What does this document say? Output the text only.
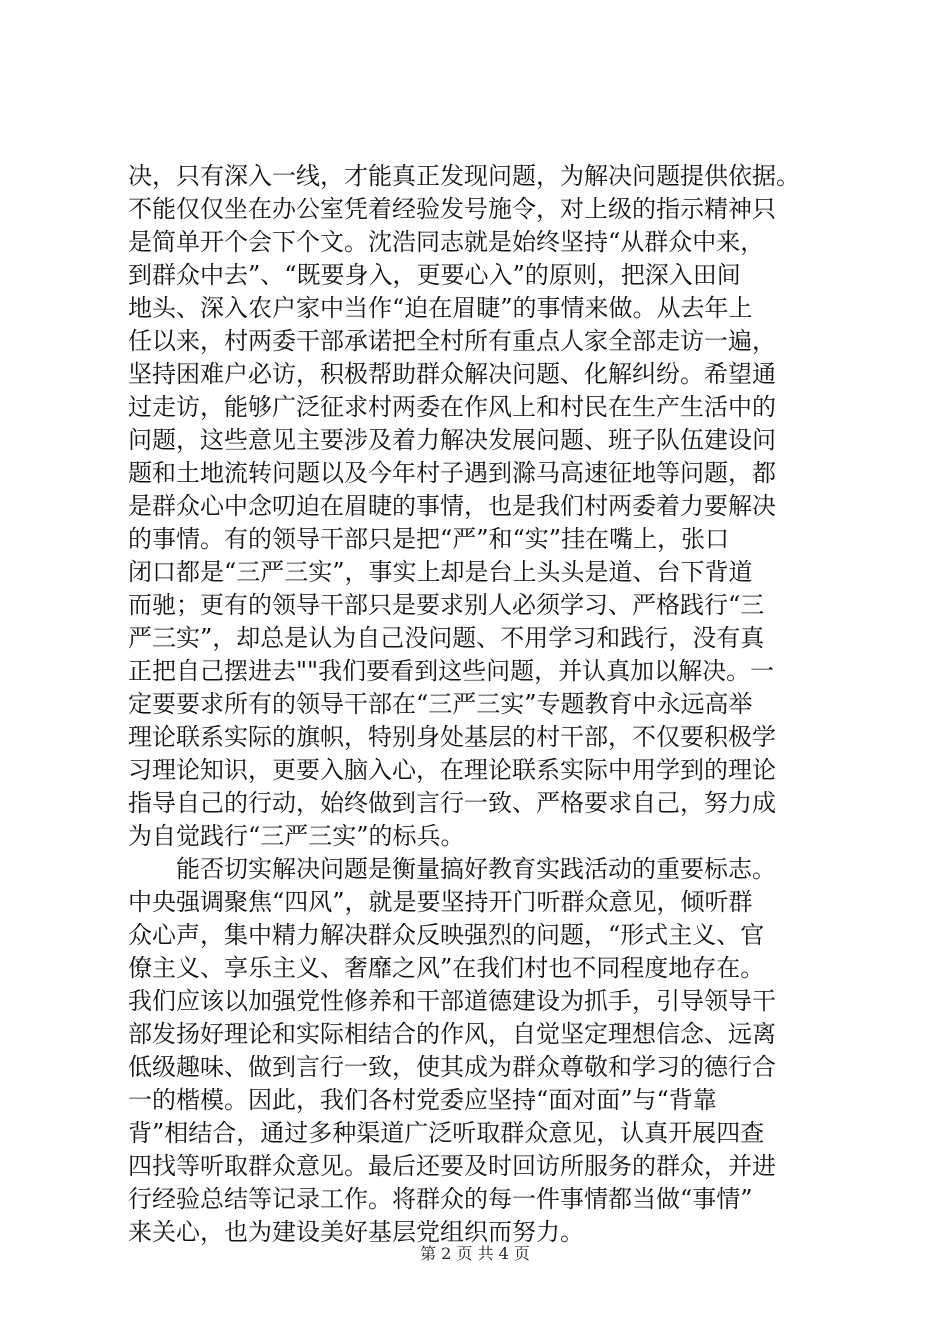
决，只有深入一线，才能真正发现问题，为解决问题提供依据。
不能仅仅坐在办公室凭着经验发号施令，对上级的指示精神只
是简单开个会下个文。沈浩同志就是始终坚持“从群众中来，
到群众中去”、“既要身入，更要心入”的原则，把深入田间
地头、深入农户家中当作“迫在眉睫”的事情来做。从去年上
任以来，村两委干部承诺把全村所有重点人家全部走访一遍，
坚持困难户必访，积极帮助群众解决问题、化解纠纷。希望通
过走访，能够广泛征求村两委在作风上和村民在生产生活中的
问题，这些意见主要涉及着力解决发展问题、班子队伍建设问
题和土地流转问题以及今年村子遇到滁马高速征地等问题，都
是群众心中念叨迫在眉睫的事情，也是我们村两委着力要解决
的事情。有的领导干部只是把“严”和“实”挂在嘴上，张口
闭口都是“三严三实”，事实上却是台上头头是道、台下背道
而驰；更有的领导干部只是要求别人必须学习、严格践行“三
严三实”，却总是认为自己没问题、不用学习和践行，没有真
正把自己摆进去""我们要看到这些问题，并认真加以解决。一
定要要求所有的领导干部在“三严三实”专题教育中永远高举
理论联系实际的旗帜，特别身处基层的村干部，不仅要积极学
习理论知识，更要入脑入心，在理论联系实际中用学到的理论
指导自己的行动，始终做到言行一致、严格要求自己，努力成
为自觉践行“三严三实”的标兵。
　　能否切实解决问题是衡量搞好教育实践活动的重要标志。
中央强调聚焦“四风”，就是要坚持开门听群众意见，倾听群
众心声，集中精力解决群众反映强烈的问题，“形式主义、官
僚主义、享乐主义、奢靡之风”在我们村也不同程度地存在。
我们应该以加强党性修养和干部道德建设为抓手，引导领导干
部发扬好理论和实际相结合的作风，自觉坚定理想信念、远离
低级趣味、做到言行一致，使其成为群众尊敬和学习的德行合
一的楷模。因此，我们各村党委应坚持“面对面”与“背靠
背”相结合，通过多种渠道广泛听取群众意见，认真开展四查
四找等听取群众意见。最后还要及时回访所服务的群众，并进
行经验总结等记录工作。将群众的每一件事情都当做“事情”
来关心，也为建设美好基层党组织而努力。
第 2 页 共 4 页
